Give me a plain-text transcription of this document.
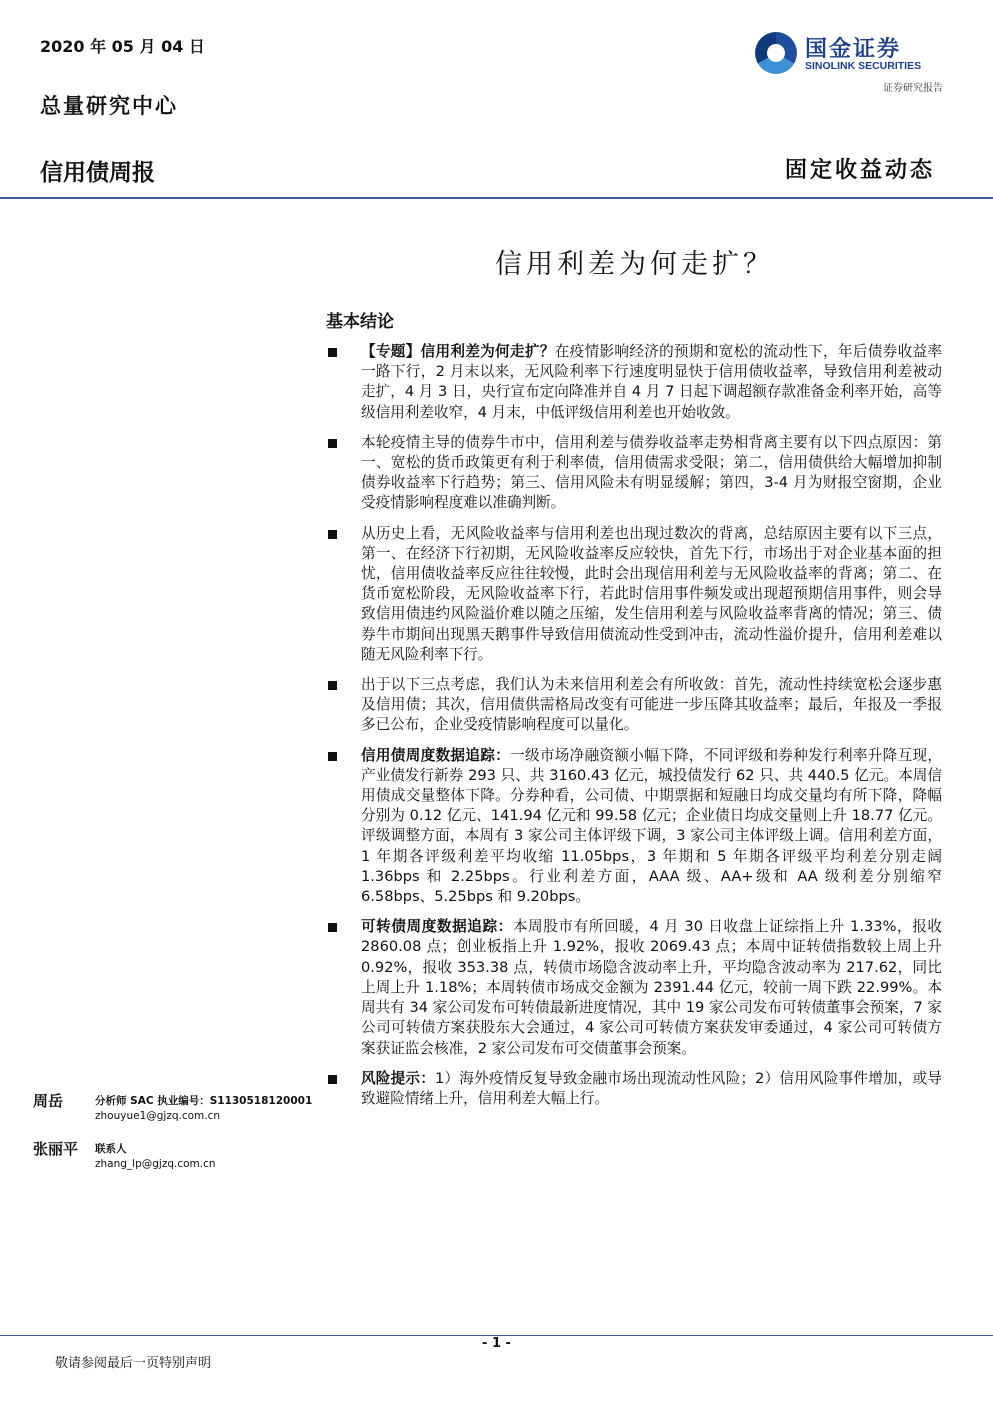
2020 年 05 月 04 日
总量研究中心
国金证券
SINOLINK SECURITIES
证券研究报告
信用债周报	固定收益动态
信用利差为何走扩？
基本结论
【专题】信用利差为何走扩？在疫情影响经济的预期和宽松的流动性下，年后债券收益率一路下行，2 月末以来，无风险利率下行速度明显快于信用债收益率，导致信用利差被动走扩，4 月 3 日，央行宣布定向降准并自 4 月 7 日起下调超额存款准备金利率开始，高等级信用利差收窄，4 月末，中低评级信用利差也开始收敛。
本轮疫情主导的债券牛市中，信用利差与债券收益率走势相背离主要有以下四点原因：第一、宽松的货币政策更有利于利率债，信用债需求受限；第二，信用债供给大幅增加抑制债券收益率下行趋势；第三、信用风险未有明显缓解；第四，3-4 月为财报空窗期，企业受疫情影响程度难以准确判断。
从历史上看，无风险收益率与信用利差也出现过数次的背离，总结原因主要有以下三点，第一、在经济下行初期，无风险收益率反应较快，首先下行，市场出于对企业基本面的担忧，信用债收益率反应往往较慢，此时会出现信用利差与无风险收益率的背离；第二、在货币宽松阶段，无风险收益率下行，若此时信用事件频发或出现超预期信用事件，则会导致信用债违约风险溢价难以随之压缩，发生信用利差与风险收益率背离的情况；第三、债券牛市期间出现黑天鹅事件导致信用债流动性受到冲击，流动性溢价提升，信用利差难以随无风险利率下行。
出于以下三点考虑，我们认为未来信用利差会有所收敛：首先，流动性持续宽松会逐步惠及信用债；其次，信用债供需格局改变有可能进一步压降其收益率；最后，年报及一季报多已公布，企业受疫情影响程度可以量化。
信用债周度数据追踪：一级市场净融资额小幅下降，不同评级和券种发行利率升降互现，产业债发行新券 293 只、共 3160.43 亿元，城投债发行 62 只、共 440.5 亿元。本周信用债成交量整体下降。分券种看，公司债、中期票据和短融日均成交量均有所下降，降幅分别为 0.12 亿元、141.94 亿元和 99.58 亿元；企业债日均成交量则上升 18.77 亿元。评级调整方面，本周有 3 家公司主体评级下调，3 家公司主体评级上调。信用利差方面，1 年期各评级利差平均收缩 11.05bps，3 年期和 5 年期各评级平均利差分别走阔 1.36bps 和 2.25bps。行业利差方面，AAA 级、AA+级和 AA 级利差分别缩窄 6.58bps、5.25bps 和 9.20bps。
可转债周度数据追踪：本周股市有所回暖，4 月 30 日收盘上证综指上升 1.33%，报收 2860.08 点；创业板指上升 1.92%，报收 2069.43 点；本周中证转债指数较上周上升 0.92%，报收 353.38 点，转债市场隐含波动率上升，平均隐含波动率为 217.62，同比上周上升 1.18%；本周转债市场成交金额为 2391.44 亿元，较前一周下跌 22.99%。本周共有 34 家公司发布可转债最新进度情况，其中 19 家公司发布可转债董事会预案，7 家公司可转债方案获股东大会通过，4 家公司可转债方案获发审委通过，4 家公司可转债方案获证监会核准，2 家公司发布可交债董事会预案。
风险提示：1）海外疫情反复导致金融市场出现流动性风险；2）信用风险事件增加，或导致避险情绪上升，信用利差大幅上行。
周岳	分析师 SAC 执业编号：S1130518120001
zhouyue1@gjzq.com.cn
张丽平 联系人
zhang_lp@gjzq.com.cn
- 1 -
敬请参阅最后一页特别声明
